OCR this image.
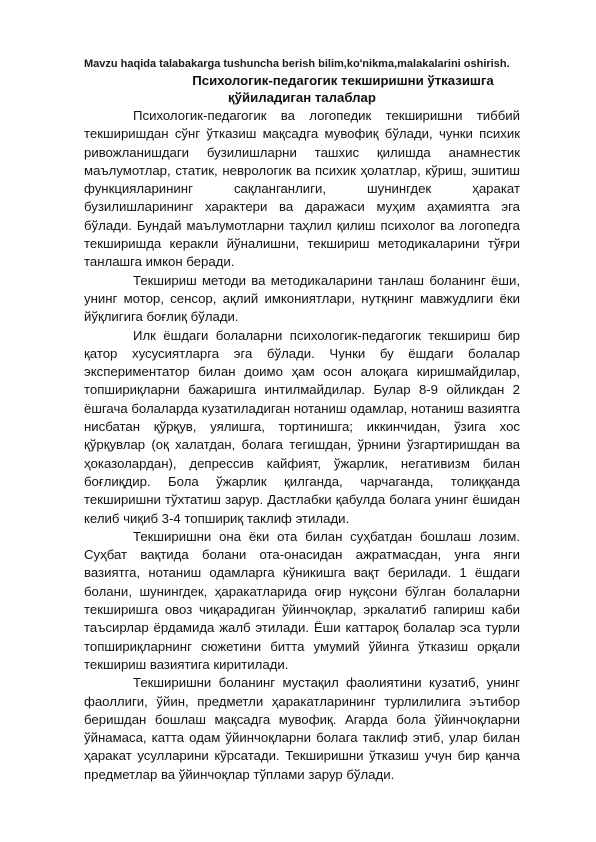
Mavzu haqida talabakarga tushuncha berish bilim,ko'nikma,malakalarini oshirish.
Психологик-педагогик текширишни ўтказишга
қўйиладиган талаблар

Психологик-педагогик ва логопедик текширишни тиббий текширишдан сўнг ўтказиш мақсадга мувофиқ бўлади, чунки психик ривожланишдаги бузилишларни ташхис қилишда анамнестик маълумотлар, статик, неврологик ва психик ҳолатлар, кўриш, эшитиш функцияларининг сақланганлиги, шунингдек ҳаракат бузилишларининг характери ва даражаси муҳим аҳамиятга эга бўлади. Бундай маълумотларни таҳлил қилиш психолог ва логопедга текширишда керакли йўналишни, текшириш методикаларини тўғри танлашга имкон беради.

Текшириш методи ва методикаларини танлаш боланинг ёши, унинг мотор, сенсор, ақлий имкониятлари, нутқнинг мавжудлиги ёки йўқлигига боғлиқ бўлади.

Илк ёшдаги болаларни психологик-педагогик текшириш бир қатор хусусиятларга эга бўлади. Чунки бу ёшдаги болалар экспериментатор билан доимо ҳам осон алоқага киришмайдилар, топшириқларни бажаришга интилмайдилар. Булар 8-9 ойликдан 2 ёшгача болаларда кузатиладиган нотаниш одамлар, нотаниш вазиятга нисбатан қўрқув, уялишга, тортинишга; иккинчидан, ўзига хос қўрқувлар (оқ халатдан, болага тегишдан, ўрнини ўзгартиришдан ва ҳоказолардан), депрессив кайфият, ўжарлик, негативизм билан боғлиқдир. Бола ўжарлик қилганда, чарчаганда, толиққанда текширишни тўхтатиш зарур. Дастлабки қабулда болага унинг ёшидан келиб чиқиб 3-4 топшириқ таклиф этилади.

Текширишни она ёки ота билан суҳбатдан бошлаш лозим. Суҳбат вақтида болани ота-онасидан ажратмасдан, унга янги вазиятга, нотаниш одамларга кўникишга вақт берилади. 1 ёшдаги болани, шунингдек, ҳаракатларида оғир нуқсони бўлган болаларни текширишга овоз чиқарадиган ўйинчоқлар, эркалатиб гапириш каби таъсирлар ёрдамида жалб этилади. Ёши каттароқ болалар эса турли топшириқларнинг сюжетини битта умумий ўйинга ўтказиш орқали текшириш вазиятига киритилади.

Текширишни боланинг мустақил фаолиятини кузатиб, унинг фаоллиги, ўйин, предметли ҳаракатларининг турлилилига эътибор беришдан бошлаш мақсадга мувофиқ. Агарда бола ўйинчоқларни ўйнамаса, катта одам ўйинчоқларни болага таклиф этиб, улар билан ҳаракат усулларини кўрсатади. Текширишни ўтказиш учун бир қанча предметлар ва ўйинчоқлар тўплами зарур бўлади.
